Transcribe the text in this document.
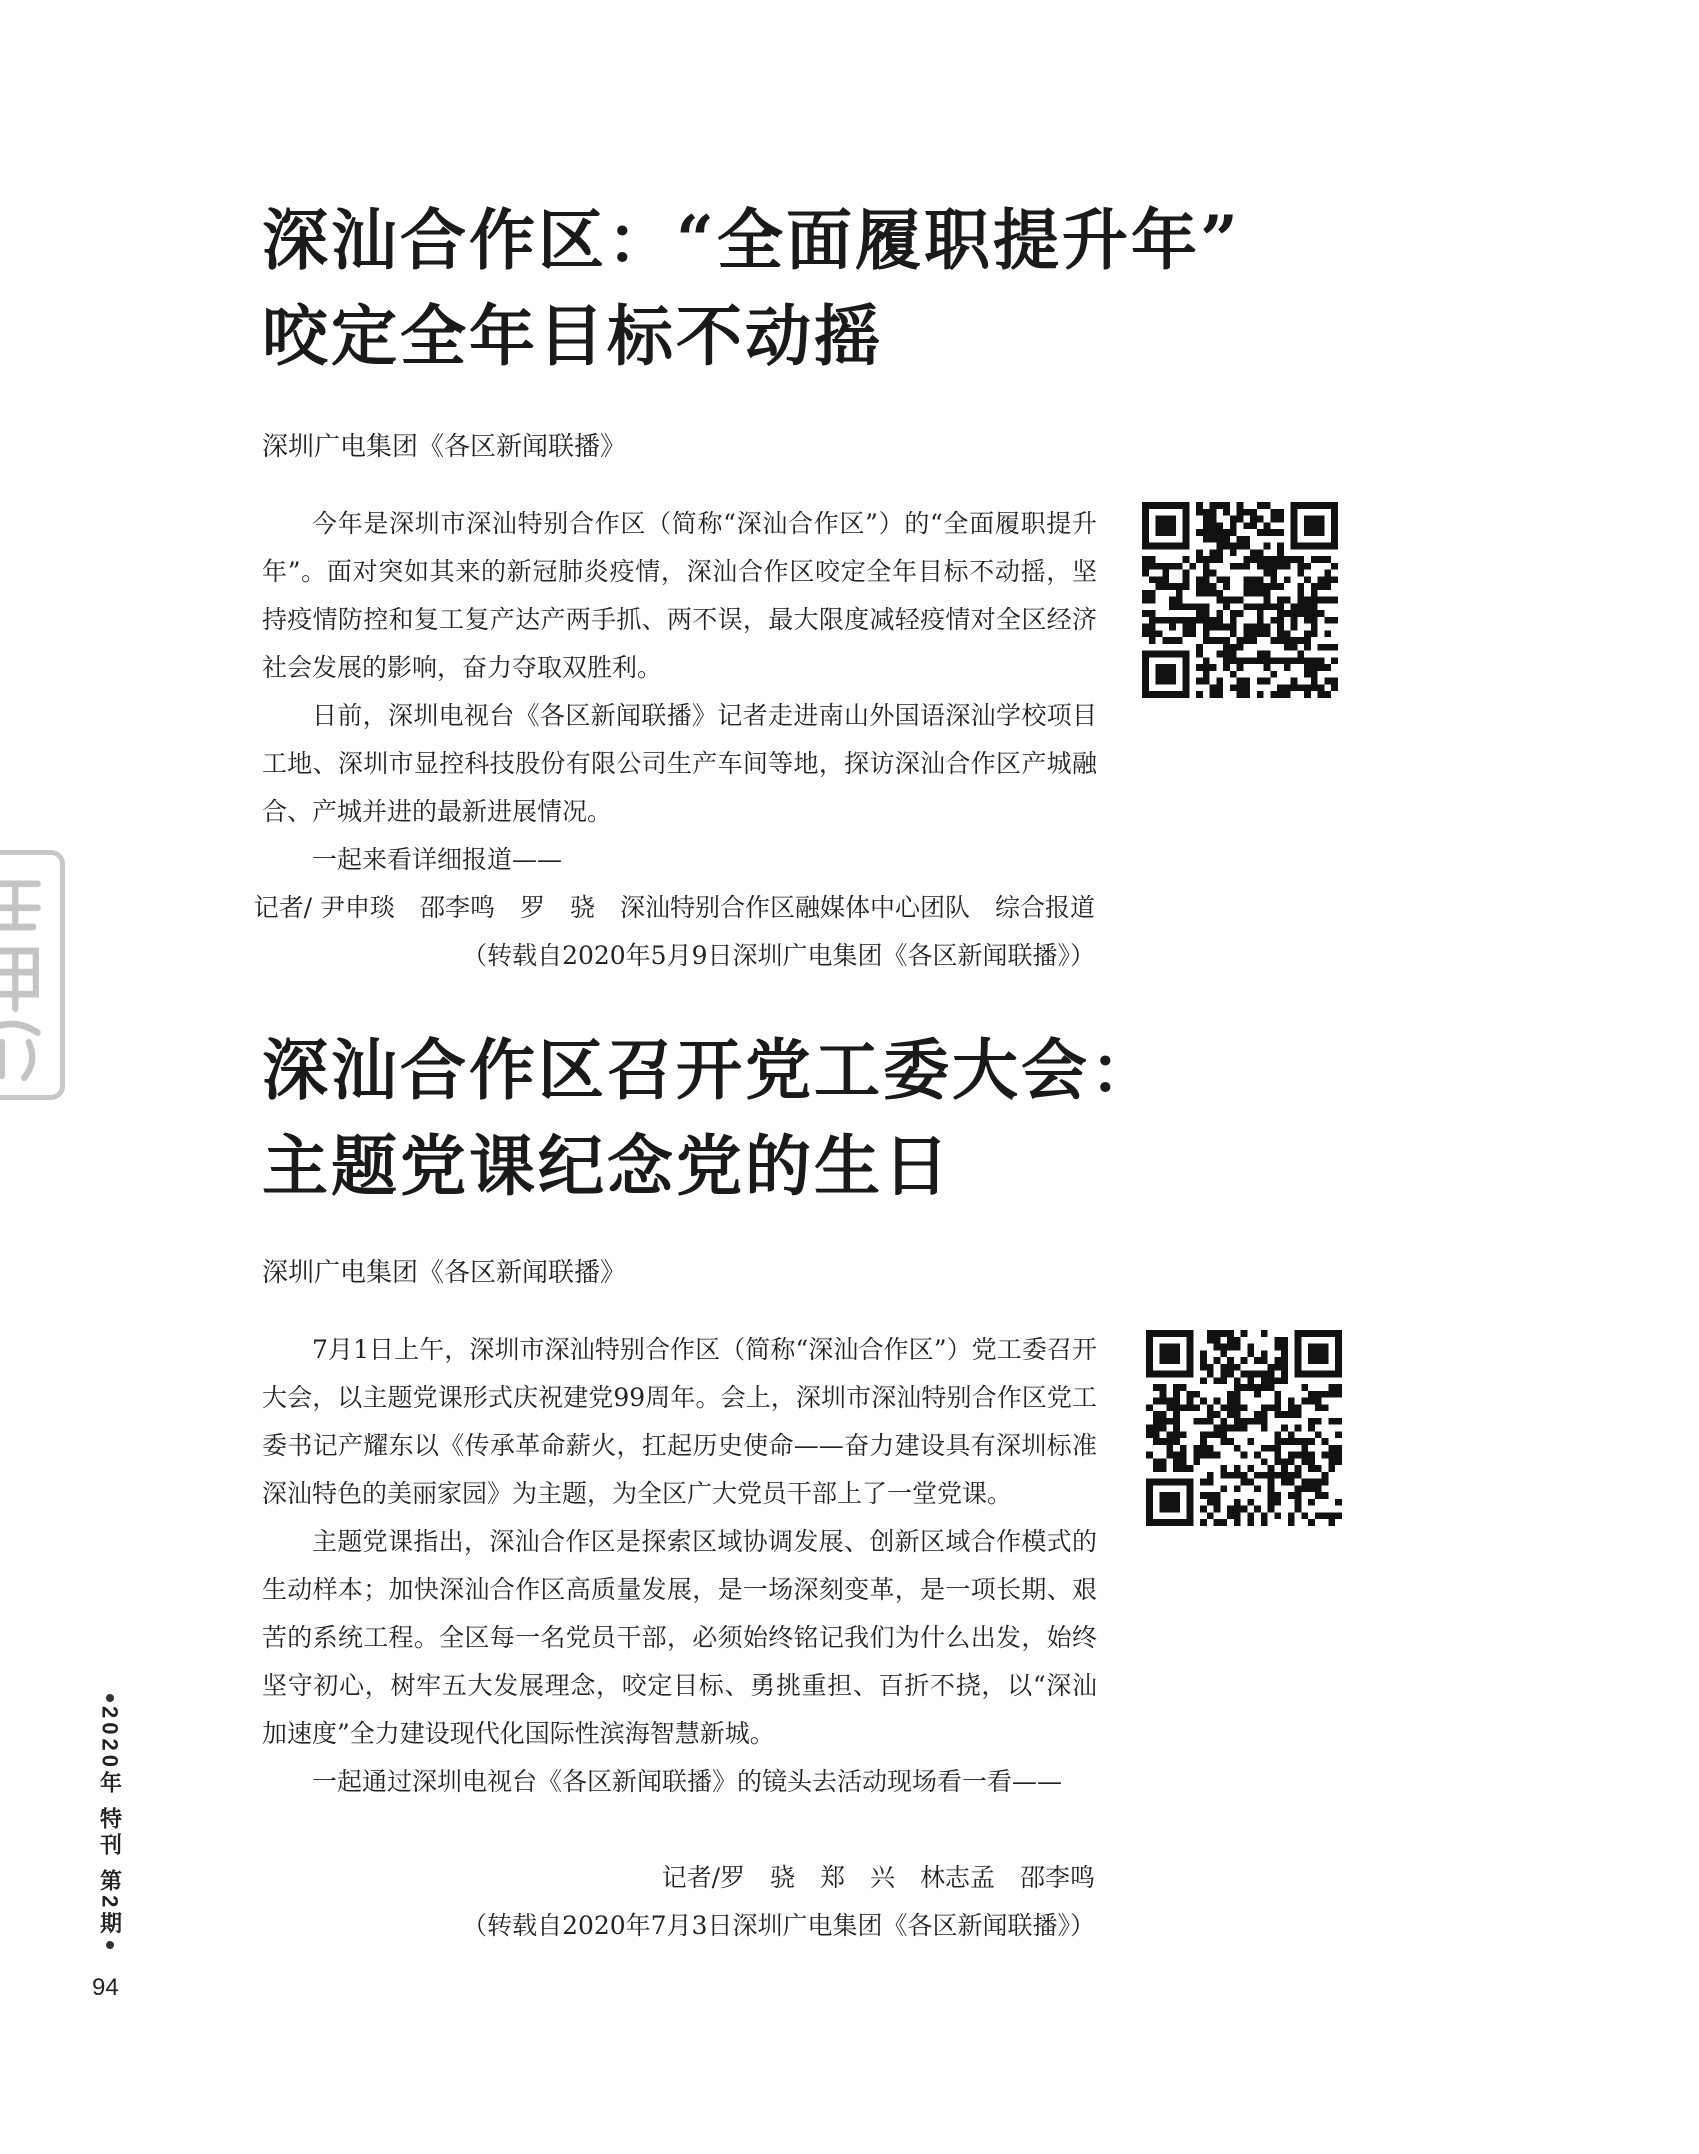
深汕合作区：“全面履职提升年”
咬定全年目标不动摇
深圳广电集团《各区新闻联播》

今年是深圳市深汕特别合作区（简称“深汕合作区”）的“全面履职提升年”。面对突如其来的新冠肺炎疫情，深汕合作区咬定全年目标不动摇，坚持疫情防控和复工复产达产两手抓、两不误，最大限度减轻疫情对全区经济社会发展的影响，奋力夺取双胜利。

日前，深圳电视台《各区新闻联播》记者走进南山外国语深汕学校项目工地、深圳市显控科技股份有限公司生产车间等地，探访深汕合作区产城融合、产城并进的最新进展情况。

一起来看详细报道——

记者/ 尹申琰　邵李鸣　罗　骁　深汕特别合作区融媒体中心团队　综合报道
（转载自2020年5月9日深圳广电集团《各区新闻联播》）
深汕合作区召开党工委大会：
主题党课纪念党的生日
深圳广电集团《各区新闻联播》

7月1日上午，深圳市深汕特别合作区（简称“深汕合作区”）党工委召开大会，以主题党课形式庆祝建党99周年。会上，深圳市深汕特别合作区党工委书记产耀东以《传承革命薪火，扛起历史使命——奋力建设具有深圳标准深汕特色的美丽家园》为主题，为全区广大党员干部上了一堂党课。

主题党课指出，深汕合作区是探索区域协调发展、创新区域合作模式的生动样本；加快深汕合作区高质量发展，是一场深刻变革，是一项长期、艰苦的系统工程。全区每一名党员干部，必须始终铭记我们为什么出发，始终坚守初心，树牢五大发展理念，咬定目标、勇挑重担、百折不挠，以“深汕加速度”全力建设现代化国际性滨海智慧新城。

一起通过深圳电视台《各区新闻联播》的镜头去活动现场看一看——

记者/罗　骁　郑　兴　林志孟　邵李鸣
（转载自2020年7月3日深圳广电集团《各区新闻联播》）
2020年 特刊 第2期
94
